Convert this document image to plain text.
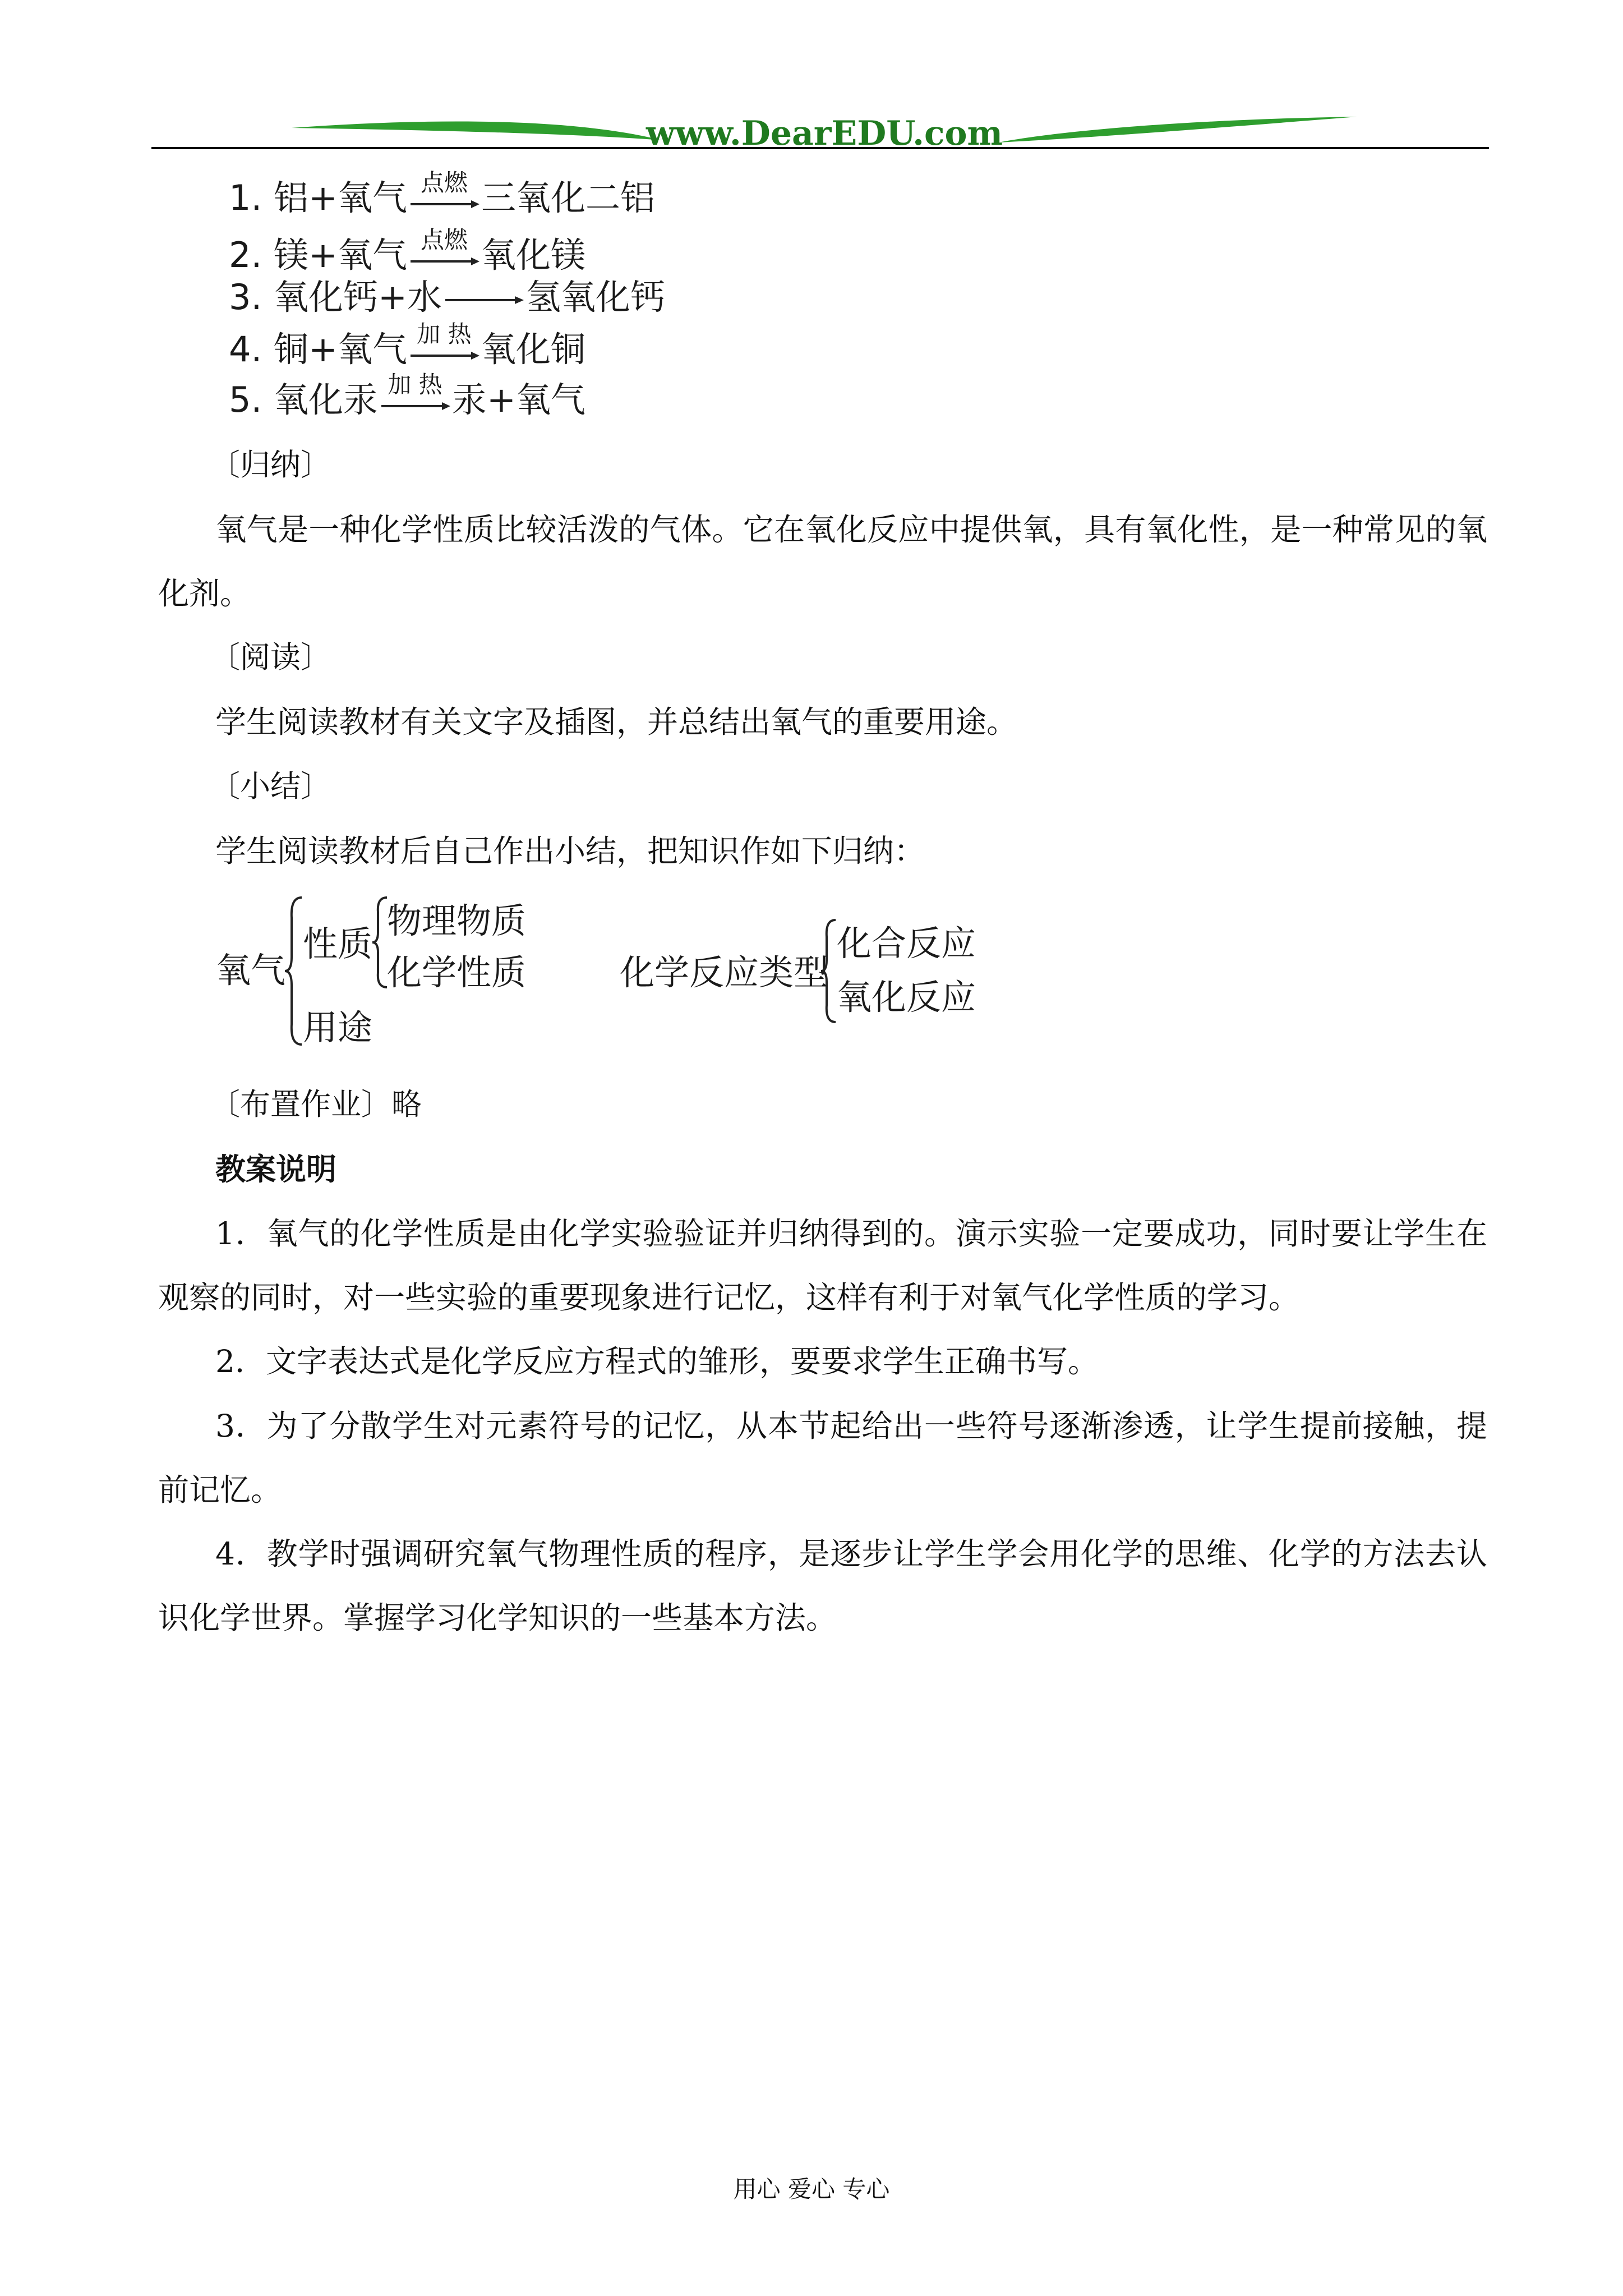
www.DearEDU.com
1. 铝+氧气 点燃 三氧化二铝
2. 镁+氧气 点燃 氧化镁
3. 氧化钙+水→氢氧化钙
4. 铜+氧气 加 热 氧化铜
5. 氧化汞 加 热 汞+氧气
〔归纳〕
氧气是一种化学性质比较活泼的气体。它在氧化反应中提供氧，具有氧化性，是一种常见的氧化剂。
〔阅读〕
学生阅读教材有关文字及插图，并总结出氧气的重要用途。
〔小结〕
学生阅读教材后自己作出小结，把知识作如下归纳：
氧气
性质
物理物质
化学性质
用途
化学反应类型
化合反应
氧化反应
〔布置作业〕略
教案说明
1．氧气的化学性质是由化学实验验证并归纳得到的。演示实验一定要成功，同时要让学生在观察的同时，对一些实验的重要现象进行记忆，这样有利于对氧气化学性质的学习。
2．文字表达式是化学反应方程式的雏形，要要求学生正确书写。
3．为了分散学生对元素符号的记忆，从本节起给出一些符号逐渐渗透，让学生提前接触，提前记忆。
4．教学时强调研究氧气物理性质的程序，是逐步让学生学会用化学的思维、化学的方法去认识化学世界。掌握学习化学知识的一些基本方法。
用心 爱心 专心
